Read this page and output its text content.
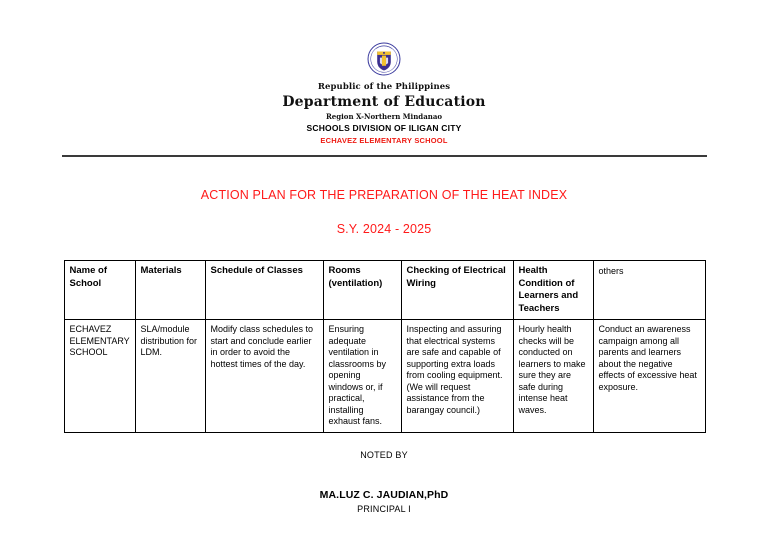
Republic of the Philippines
Department of Education
Region X-Northern Mindanao
SCHOOLS DIVISION OF ILIGAN CITY
ECHAVEZ ELEMENTARY SCHOOL
ACTION PLAN FOR THE PREPARATION OF THE HEAT INDEX
S.Y. 2024 - 2025
Name of School	Materials	Schedule of Classes	Rooms (ventilation)	Checking of Electrical Wiring	Health Condition of Learners and Teachers	others
ECHAVEZ ELEMENTARY SCHOOL	SLA/module distribution for LDM.	Modify class schedules to start and conclude earlier in order to avoid the hottest times of the day.	Ensuring adequate ventilation in classrooms by opening windows or, if practical, installing exhaust fans.	Inspecting and assuring that electrical systems are safe and capable of supporting extra loads from cooling equipment. (We will request assistance from the barangay council.)	Hourly health checks will be conducted on learners to make sure they are safe during intense heat waves.	Conduct an awareness campaign among all parents and learners about the negative effects of excessive heat exposure.
NOTED BY
MA.LUZ C. JAUDIAN,PhD
PRINCIPAL I
